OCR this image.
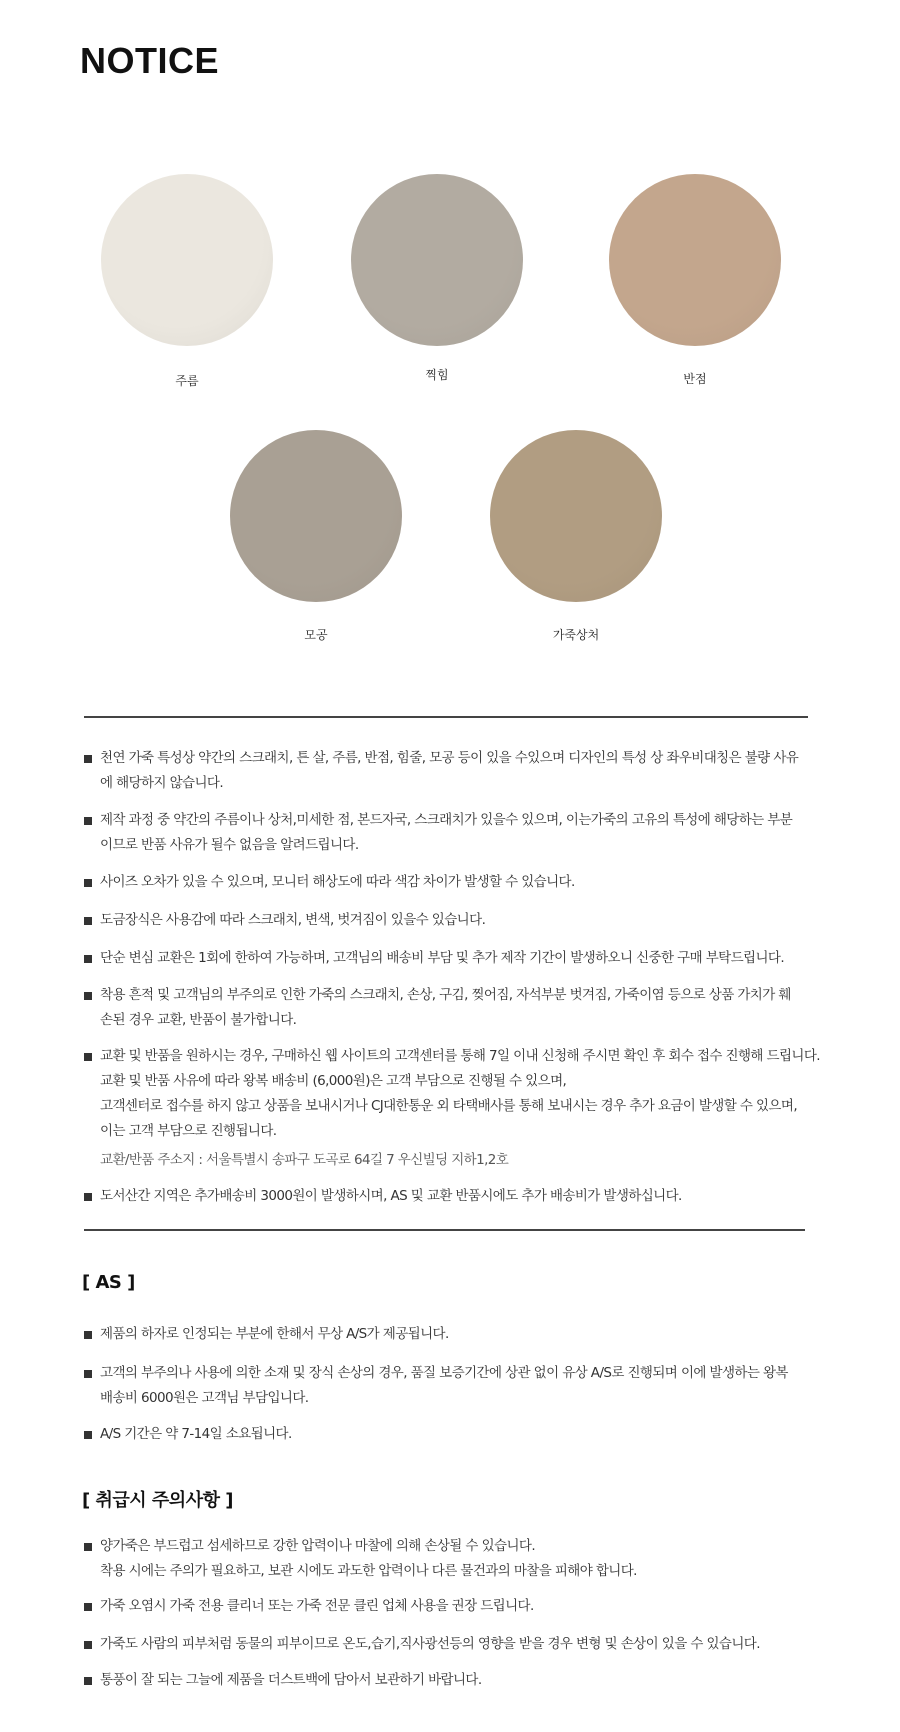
NOTICE
주름	찍힘	반점
모공	가죽상처
천연 가죽 특성상 약간의 스크래치, 튼 살, 주름, 반점, 힘줄, 모공 등이 있을 수있으며 디자인의 특성 상 좌우비대칭은 불량 사유
에 해당하지 않습니다.
제작 과정 중 약간의 주름이나 상처,미세한 점, 본드자국, 스크래치가 있을수 있으며, 이는가죽의 고유의 특성에 해당하는 부분
이므로 반품 사유가 될수 없음을 알려드립니다.
사이즈 오차가 있을 수 있으며, 모니터 해상도에 따라 색감 차이가 발생할 수 있습니다.
도금장식은 사용감에 따라 스크래치, 변색, 벗겨짐이 있을수 있습니다.
단순 변심 교환은 1회에 한하여 가능하며, 고객님의 배송비 부담 및 추가 제작 기간이 발생하오니 신중한 구매 부탁드립니다.
착용 흔적 및 고객님의 부주의로 인한 가죽의 스크래치, 손상, 구김, 찢어짐, 자석부분 벗겨짐, 가죽이염 등으로 상품 가치가 훼
손된 경우 교환, 반품이 불가합니다.
교환 및 반품을 원하시는 경우, 구매하신 웹 사이트의 고객센터를 통해 7일 이내 신청해 주시면 확인 후 회수 접수 진행해 드립니다.
교환 및 반품 사유에 따라 왕복 배송비 (6,000원)은 고객 부담으로 진행될 수 있으며,
고객센터로 접수를 하지 않고 상품을 보내시거나 CJ대한통운 외 타택배사를 통해 보내시는 경우 추가 요금이 발생할 수 있으며,
이는 고객 부담으로 진행됩니다.
교환/반품 주소지 : 서울특별시 송파구 도곡로 64길 7 우신빌딩 지하1,2호
도서산간 지역은 추가배송비 3000원이 발생하시며, AS 및 교환 반품시에도 추가 배송비가 발생하십니다.
[ AS ]
제품의 하자로 인정되는 부분에 한해서 무상 A/S가 제공됩니다.
고객의 부주의나 사용에 의한 소재 및 장식 손상의 경우, 품질 보증기간에 상관 없이 유상 A/S로 진행되며 이에 발생하는 왕복
배송비 6000원은 고객님 부담입니다.
A/S 기간은 약 7-14일 소요됩니다.
[ 취급시 주의사항 ]
양가죽은 부드럽고 섬세하므로 강한 압력이나 마찰에 의해 손상될 수 있습니다.
착용 시에는 주의가 필요하고, 보관 시에도 과도한 압력이나 다른 물건과의 마찰을 피해야 합니다.
가죽 오염시 가죽 전용 클리너 또는 가죽 전문 클린 업체 사용을 권장 드립니다.
가죽도 사람의 피부처럼 동물의 피부이므로 온도,습기,직사광선등의 영향을 받을 경우 변형 및 손상이 있을 수 있습니다.
통풍이 잘 되는 그늘에 제품을 더스트백에 담아서 보관하기 바랍니다.
